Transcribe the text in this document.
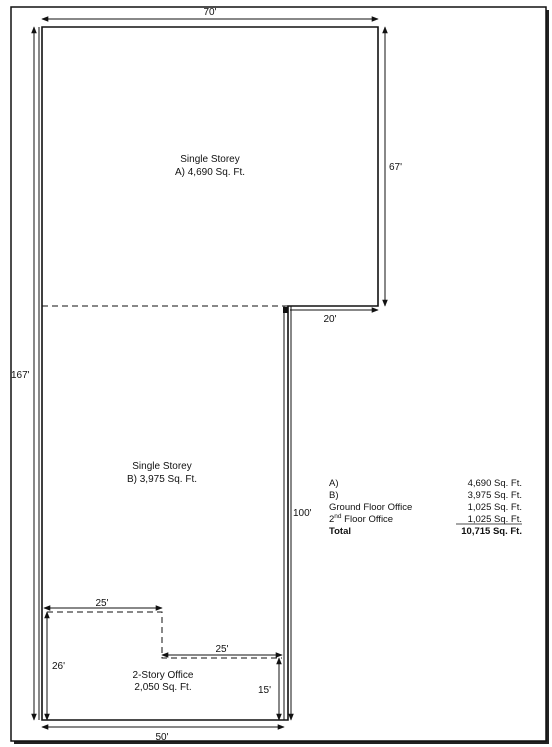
70'
67'
20'
167'
100'
25'
25'
26'
15'
50'
Single Storey
A) 4,690 Sq. Ft.
Single Storey
B) 3,975 Sq. Ft.
2-Story Office
2,050 Sq. Ft.
A)	4,690 Sq. Ft.
B)	3,975 Sq. Ft.
Ground Floor Office	1,025 Sq. Ft.
2nd Floor Office	1,025 Sq. Ft.
Total	10,715 Sq. Ft.
